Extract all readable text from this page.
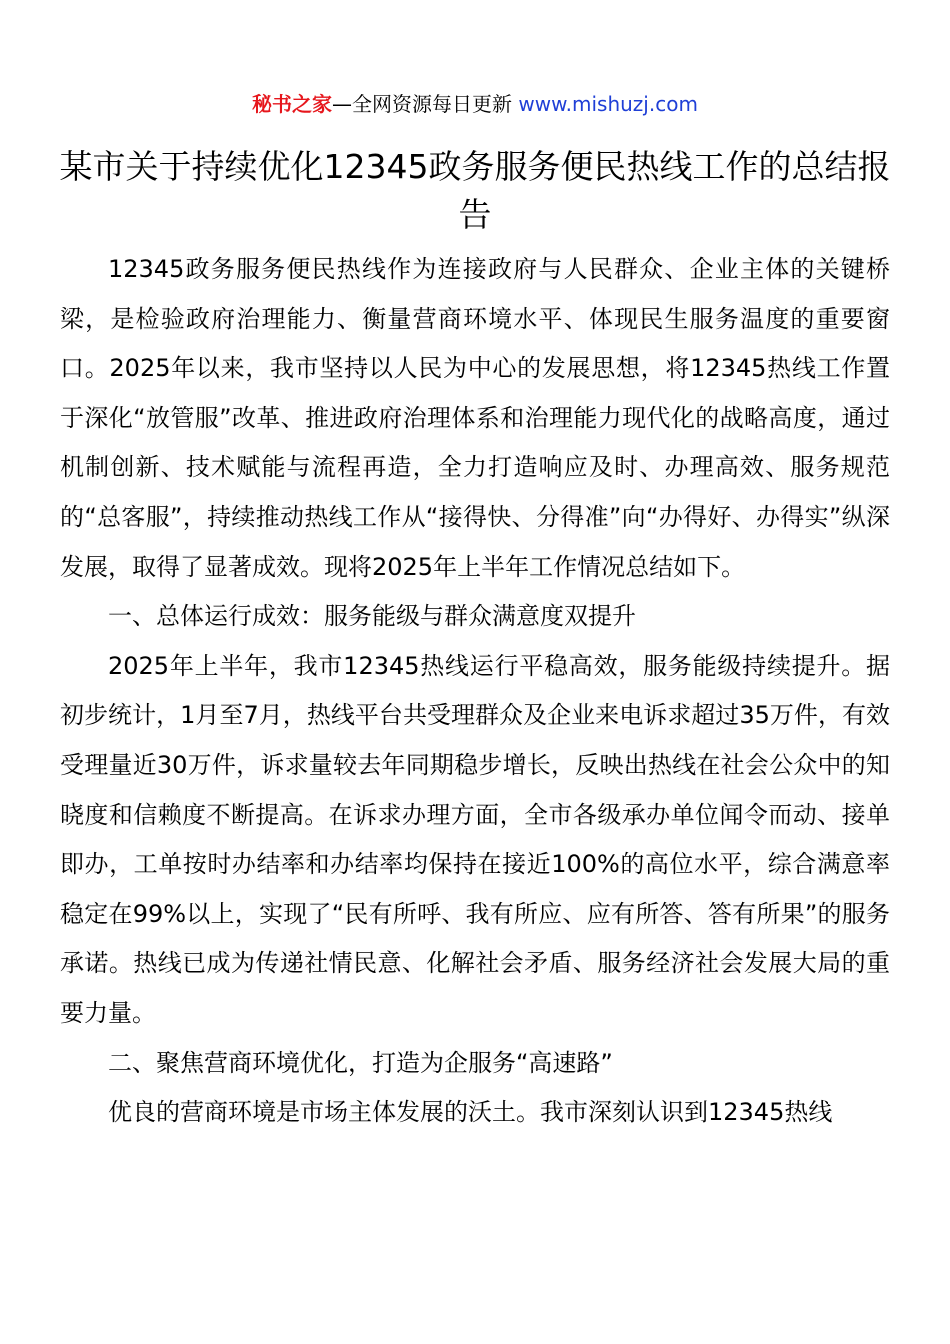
秘书之家—全网资源每日更新 www.mishuzj.com
某市关于持续优化12345政务服务便民热线工作的总结报告

12345政务服务便民热线作为连接政府与人民群众、企业主体的关键桥梁，是检验政府治理能力、衡量营商环境水平、体现民生服务温度的重要窗口。2025年以来，我市坚持以人民为中心的发展思想，将12345热线工作置于深化“放管服”改革、推进政府治理体系和治理能力现代化的战略高度，通过机制创新、技术赋能与流程再造，全力打造响应及时、办理高效、服务规范的“总客服”，持续推动热线工作从“接得快、分得准”向“办得好、办得实”纵深发展，取得了显著成效。现将2025年上半年工作情况总结如下。

一、总体运行成效：服务能级与群众满意度双提升

2025年上半年，我市12345热线运行平稳高效，服务能级持续提升。据初步统计，1月至7月，热线平台共受理群众及企业来电诉求超过35万件，有效受理量近30万件，诉求量较去年同期稳步增长，反映出热线在社会公众中的知晓度和信赖度不断提高。在诉求办理方面，全市各级承办单位闻令而动、接单即办，工单按时办结率和办结率均保持在接近100%的高位水平，综合满意率稳定在99%以上，实现了“民有所呼、我有所应、应有所答、答有所果”的服务承诺。热线已成为传递社情民意、化解社会矛盾、服务经济社会发展大局的重要力量。

二、聚焦营商环境优化，打造为企服务“高速路”

优良的营商环境是市场主体发展的沃土。我市深刻认识到12345热线
